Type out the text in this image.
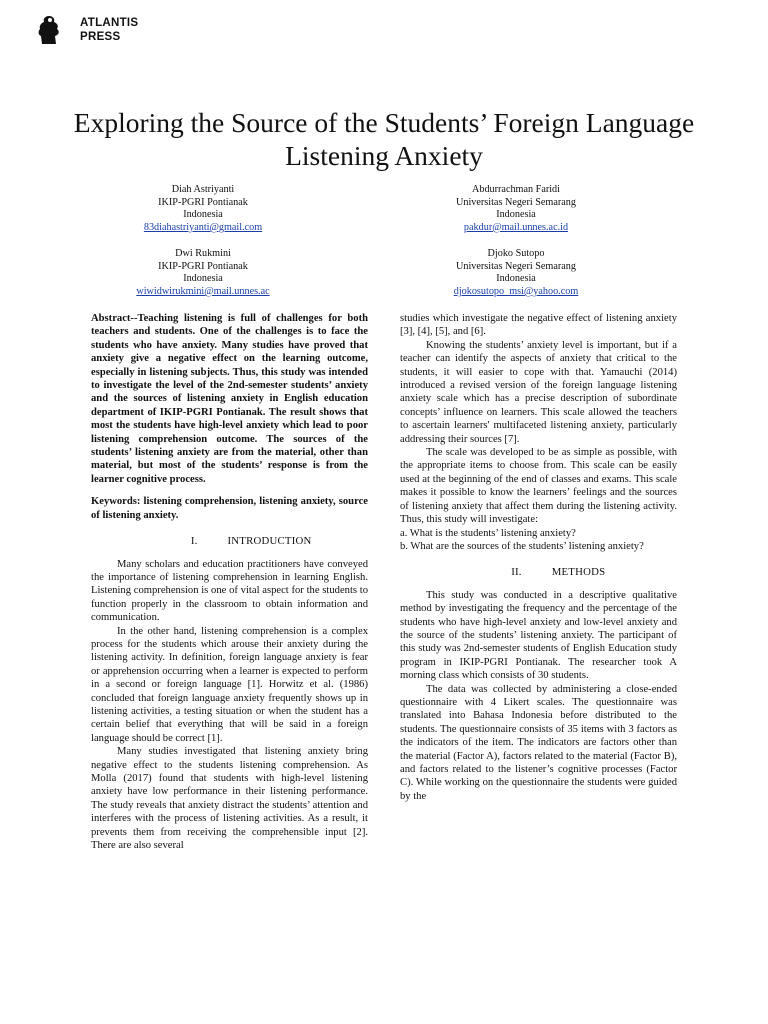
ATLANTIS
PRESS
Exploring the Source of the Students’ Foreign Language Listening Anxiety
Diah Astriyanti
IKIP-PGRI Pontianak
Indonesia
83diahastriyanti@gmail.com
Abdurrachman Faridi
Universitas Negeri Semarang
Indonesia
pakdur@mail.unnes.ac.id
Dwi Rukmini
IKIP-PGRI Pontianak
Indonesia
wiwidwirukmini@mail.unnes.ac
Djoko Sutopo
Universitas Negeri Semarang
Indonesia
djokosutopo_msi@yahoo.com

Abstract--Teaching listening is full of challenges for both teachers and students. One of the challenges is to face the students who have anxiety. Many studies have proved that anxiety give a negative effect on the learning outcome, especially in listening subjects. Thus, this study was intended to investigate the level of the 2nd-semester students’ anxiety and the sources of listening anxiety in English education department of IKIP-PGRI Pontianak. The result shows that most the students have high-level anxiety which lead to poor listening comprehension outcome. The sources of the students’ listening anxiety are from the material, other than material, but most of the students’ response is from the learner cognitive process.

Keywords: listening comprehension, listening anxiety, source of listening anxiety.

I.	INTRODUCTION

Many scholars and education practitioners have conveyed the importance of listening comprehension in learning English. Listening comprehension is one of vital aspect for the students to function properly in the classroom to obtain information and communication.

In the other hand, listening comprehension is a complex process for the students which arouse their anxiety during the listening activity. In definition, foreign language anxiety is fear or apprehension occurring when a learner is expected to perform in a second or foreign language [1]. Horwitz et al. (1986) concluded that foreign language anxiety frequently shows up in listening activities, a testing situation or when the student has a certain belief that everything that will be said in a foreign language should be correct [1].

Many studies investigated that listening anxiety bring negative effect to the students listening comprehension. As Molla (2017) found that students with high-level listening anxiety have low performance in their listening performance. The study reveals that anxiety distract the students’ attention and interferes with the process of listening activities. As a result, it prevents them from receiving the comprehensible input [2]. There are also several

studies which investigate the negative effect of listening anxiety [3], [4], [5], and [6].

Knowing the students’ anxiety level is important, but if a teacher can identify the aspects of anxiety that critical to the students, it will easier to cope with that. Yamauchi (2014) introduced a revised version of the foreign language listening anxiety scale which has a precise description of subordinate concepts’ influence on learners. This scale allowed the teachers to ascertain learners' multifaceted listening anxiety, particularly addressing their sources [7].

The scale was developed to be as simple as possible, with the appropriate items to choose from. This scale can be easily used at the beginning of the end of classes and exams. This scale makes it possible to know the learners’ feelings and the sources of listening anxiety that affect them during the listening activity. Thus, this study will investigate:

a. What is the students’ listening anxiety?
b. What are the sources of the students’ listening anxiety?
II.	METHODS

This study was conducted in a descriptive qualitative method by investigating the frequency and the percentage of the students who have high-level anxiety and low-level anxiety and the source of the students’ listening anxiety. The participant of this study was 2nd-semester students of English Education study program in IKIP-PGRI Pontianak. The researcher took A morning class which consists of 30 students.

The data was collected by administering a close-ended questionnaire with 4 Likert scales. The questionnaire was translated into Bahasa Indonesia before distributed to the students. The questionnaire consists of 35 items with 3 factors as the indicators of the item. The indicators are factors other than the material (Factor A), factors related to the material (Factor B), and factors related to the listener’s cognitive processes (Factor C). While working on the questionnaire the students were guided by the
